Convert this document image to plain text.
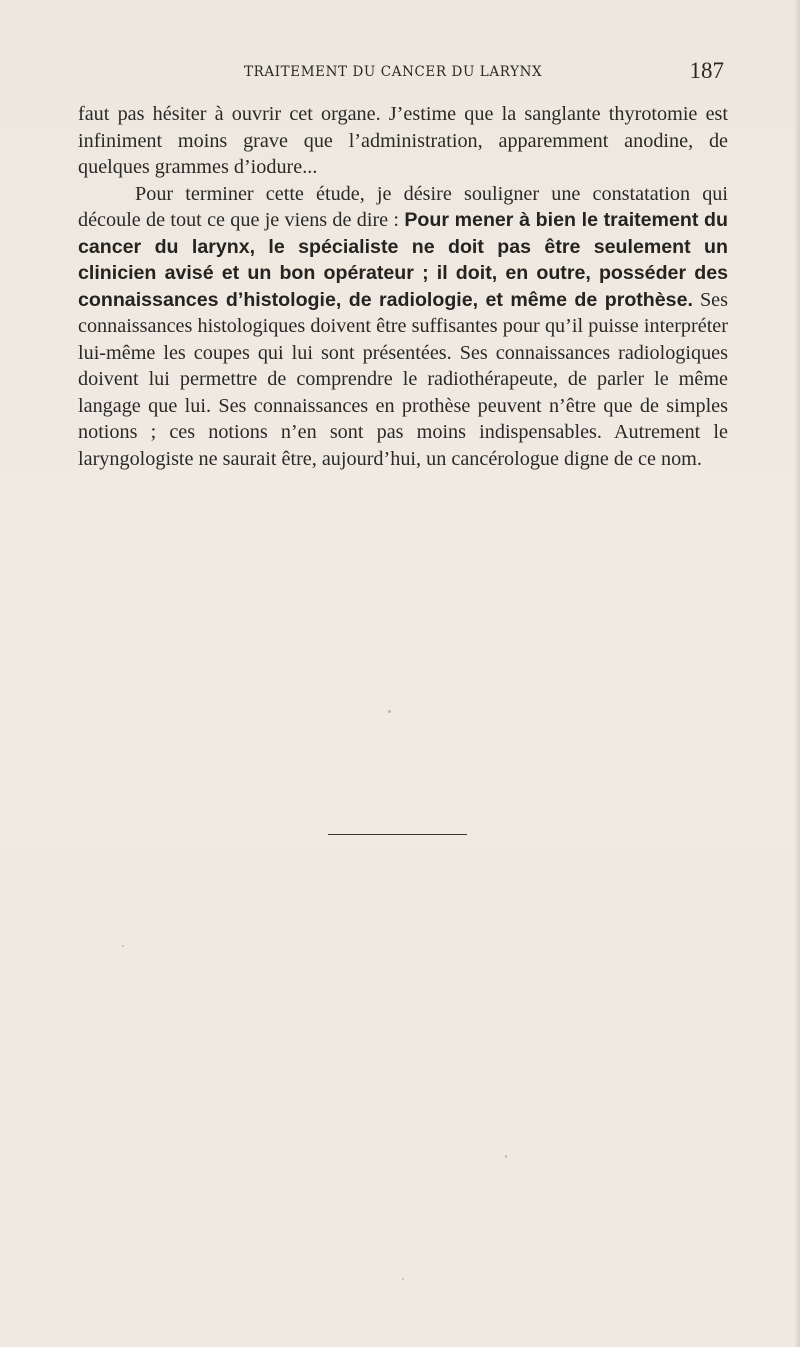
TRAITEMENT DU CANCER DU LARYNX	187

faut pas hésiter à ouvrir cet organe. J’estime que la sanglante thyrotomie est infiniment moins grave que l’administration, apparemment anodine, de quelques grammes d’iodure...

Pour terminer cette étude, je désire souligner une constatation qui découle de tout ce que je viens de dire : Pour mener à bien le traitement du cancer du larynx, le spécialiste ne doit pas être seulement un clinicien avisé et un bon opérateur ; il doit, en outre, posséder des connaissances d’histologie, de radiologie, et même de prothèse. Ses connaissances histologiques doivent être suffisantes pour qu’il puisse interpréter lui-même les coupes qui lui sont présentées. Ses connaissances radiologiques doivent lui permettre de comprendre le radiothérapeute, de parler le même langage que lui. Ses connaissances en prothèse peuvent n’être que de simples notions ; ces notions n’en sont pas moins indispensables. Autrement le laryngologiste ne saurait être, aujourd’hui, un cancérologue digne de ce nom.
